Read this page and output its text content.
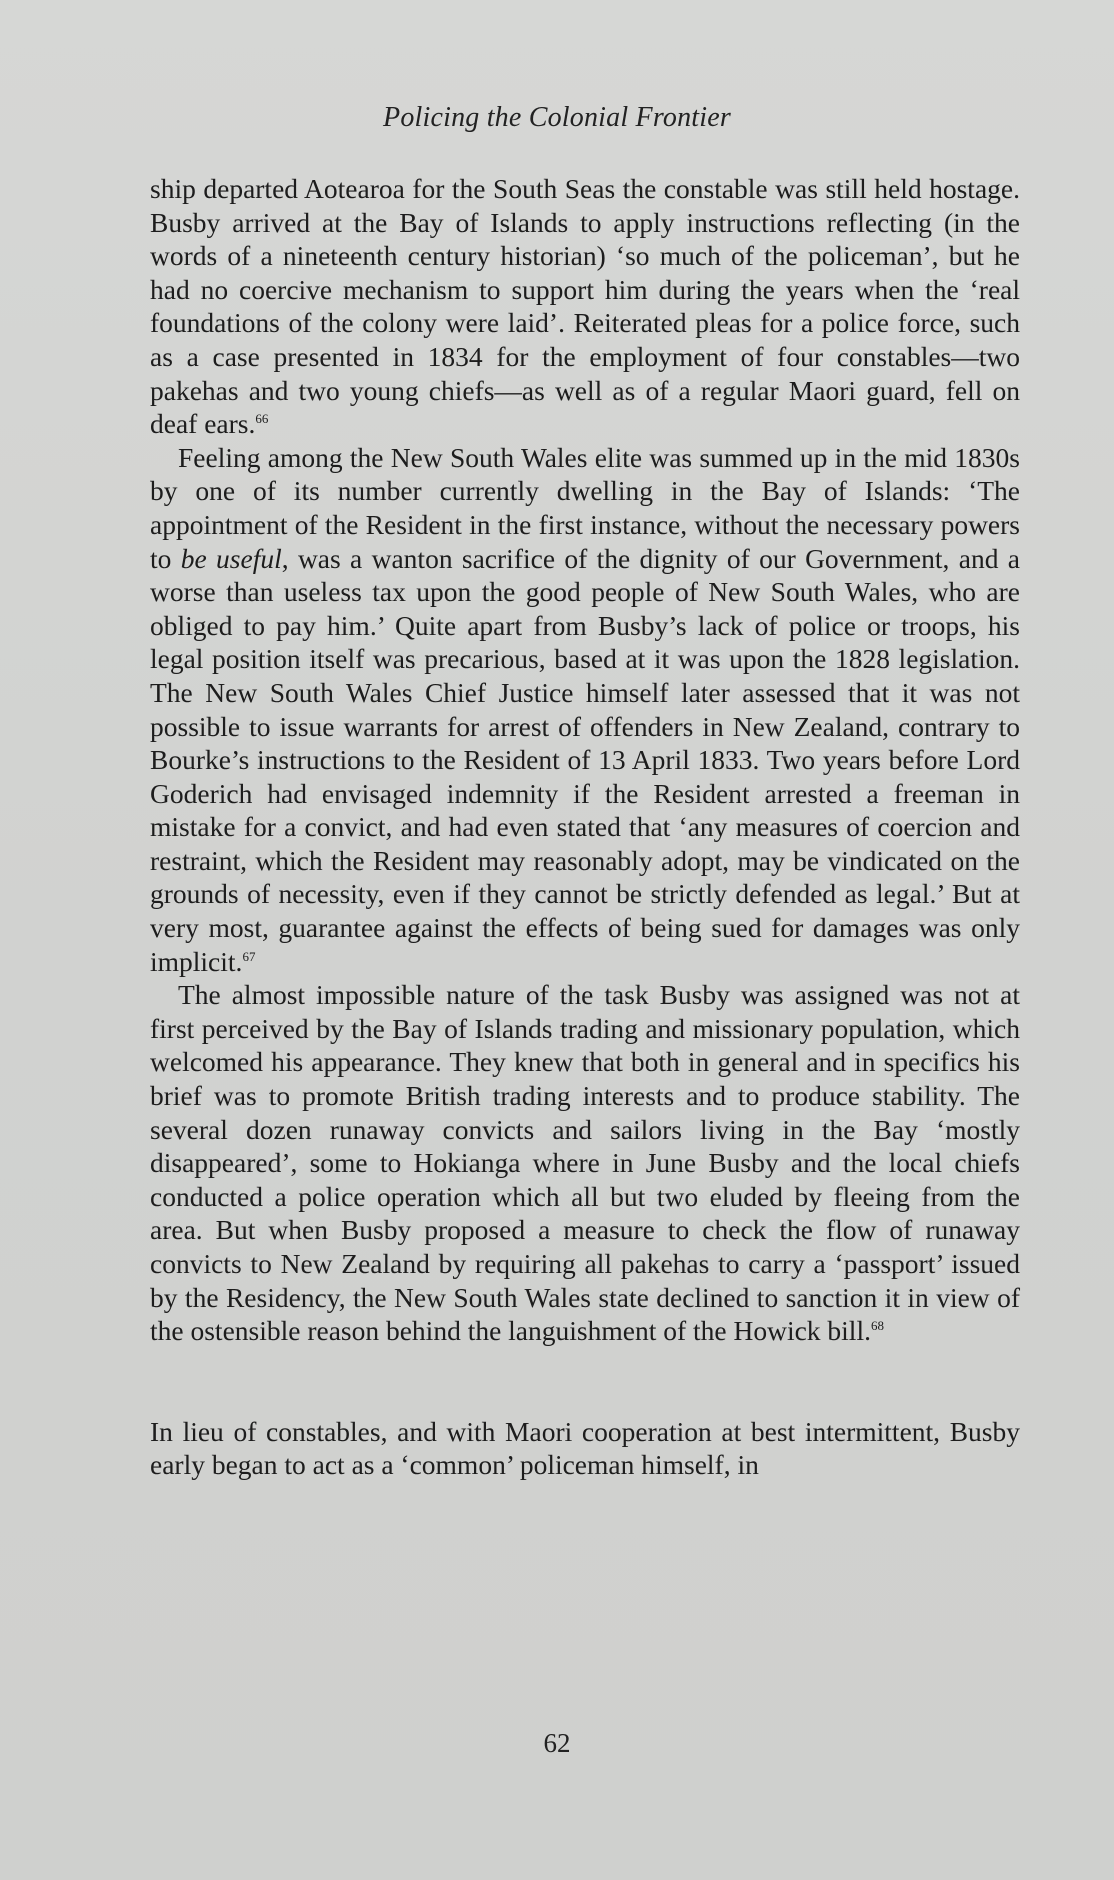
Policing the Colonial Frontier

ship departed Aotearoa for the South Seas the constable was still held hostage. Busby arrived at the Bay of Islands to apply instructions reflecting (in the words of a nineteenth century historian) ‘so much of the policeman’, but he had no coercive mechanism to support him during the years when the ‘real foundations of the colony were laid’. Reiterated pleas for a police force, such as a case presented in 1834 for the employment of four constables—two pakehas and two young chiefs—as well as of a regular Maori guard, fell on deaf ears.$^{66}$

Feeling among the New South Wales elite was summed up in the mid 1830s by one of its number currently dwelling in the Bay of Islands: ‘The appointment of the Resident in the first instance, without the necessary powers to be useful, was a wanton sacrifice of the dignity of our Government, and a worse than useless tax upon the good people of New South Wales, who are obliged to pay him.’ Quite apart from Busby’s lack of police or troops, his legal position itself was precarious, based at it was upon the 1828 legislation. The New South Wales Chief Justice himself later assessed that it was not possible to issue warrants for arrest of offenders in New Zealand, contrary to Bourke’s instructions to the Resident of 13 April 1833. Two years before Lord Goderich had envisaged indemnity if the Resident arrested a freeman in mistake for a convict, and had even stated that ‘any measures of coercion and restraint, which the Resident may reasonably adopt, may be vindicated on the grounds of necessity, even if they cannot be strictly defended as legal.’ But at very most, guarantee against the effects of being sued for damages was only implicit.$^{67}$

The almost impossible nature of the task Busby was assigned was not at first perceived by the Bay of Islands trading and missionary population, which welcomed his appearance. They knew that both in general and in specifics his brief was to promote British trading interests and to produce stability. The several dozen runaway convicts and sailors living in the Bay ‘mostly disappeared’, some to Hokianga where in June Busby and the local chiefs conducted a police operation which all but two eluded by fleeing from the area. But when Busby proposed a measure to check the flow of runaway convicts to New Zealand by requiring all pakehas to carry a ‘passport’ issued by the Residency, the New South Wales state declined to sanction it in view of the ostensible reason behind the languishment of the Howick bill.$^{68}$

In lieu of constables, and with Maori cooperation at best intermittent, Busby early began to act as a ‘common’ policeman himself, in

62
